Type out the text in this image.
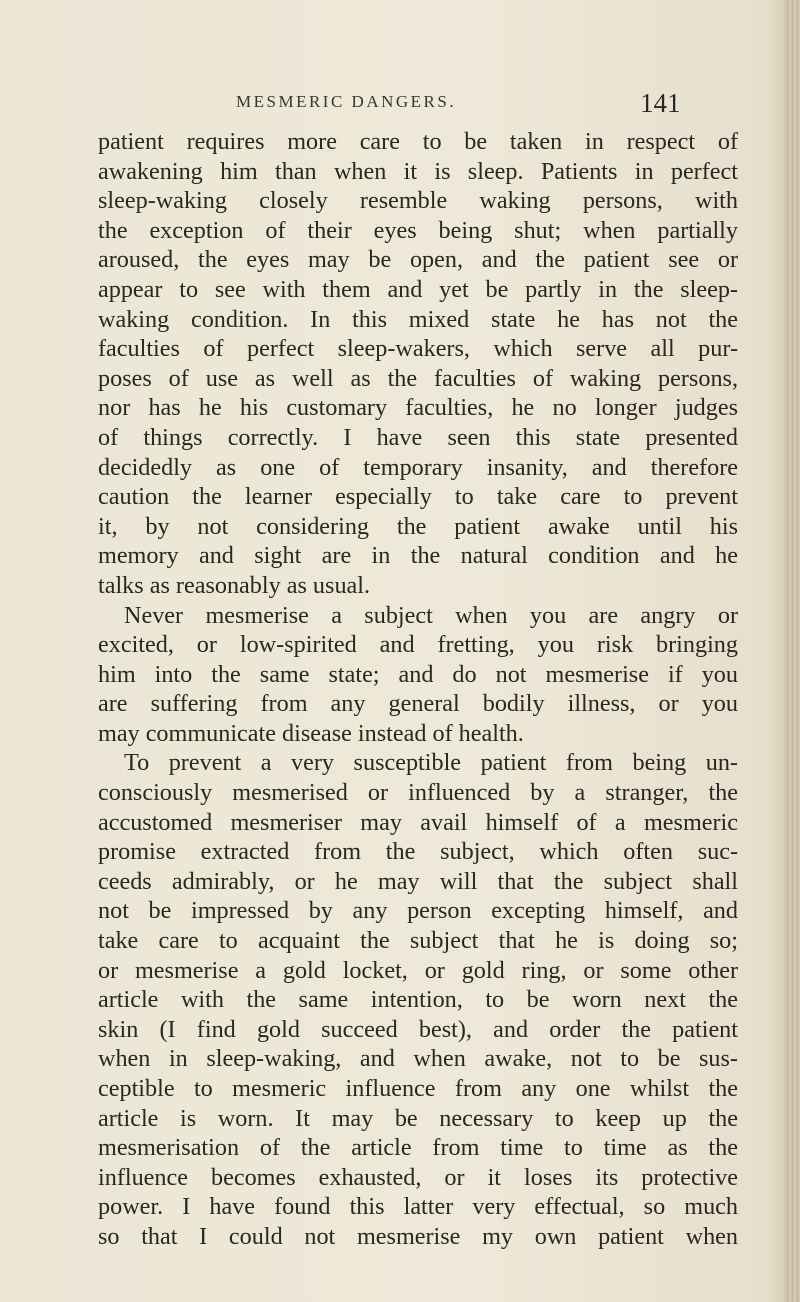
MESMERIC DANGERS.	141
patient requires more care to be taken in respect of
awakening him than when it is sleep. Patients in perfect
sleep-waking closely resemble waking persons, with
the exception of their eyes being shut; when partially
aroused, the eyes may be open, and the patient see or
appear to see with them and yet be partly in the sleep-
waking condition. In this mixed state he has not the
faculties of perfect sleep-wakers, which serve all pur-
poses of use as well as the faculties of waking persons,
nor has he his customary faculties, he no longer judges
of things correctly. I have seen this state presented
decidedly as one of temporary insanity, and therefore
caution the learner especially to take care to prevent
it, by not considering the patient awake until his
memory and sight are in the natural condition and he
talks as reasonably as usual.
Never mesmerise a subject when you are angry or
excited, or low-spirited and fretting, you risk bringing
him into the same state; and do not mesmerise if you
are suffering from any general bodily illness, or you
may communicate disease instead of health.
To prevent a very susceptible patient from being un-
consciously mesmerised or influenced by a stranger, the
accustomed mesmeriser may avail himself of a mesmeric
promise extracted from the subject, which often suc-
ceeds admirably, or he may will that the subject shall
not be impressed by any person excepting himself, and
take care to acquaint the subject that he is doing so;
or mesmerise a gold locket, or gold ring, or some other
article with the same intention, to be worn next the
skin (I find gold succeed best), and order the patient
when in sleep-waking, and when awake, not to be sus-
ceptible to mesmeric influence from any one whilst the
article is worn. It may be necessary to keep up the
mesmerisation of the article from time to time as the
influence becomes exhausted, or it loses its protective
power. I have found this latter very effectual, so much
so that I could not mesmerise my own patient when
